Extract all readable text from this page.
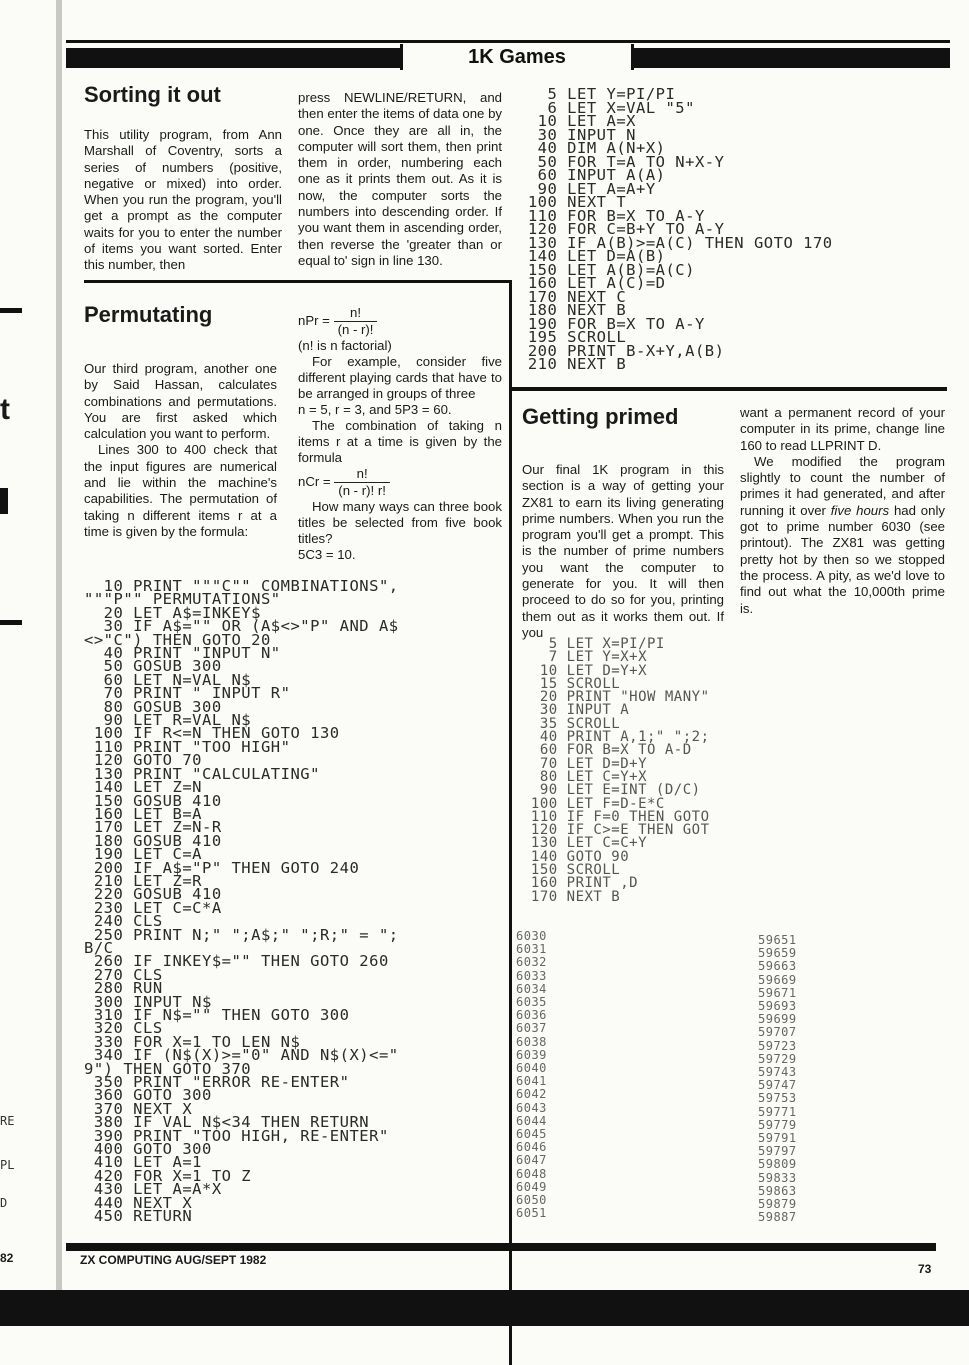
1K Games
Sorting it out

This utility program, from Ann Marshall of Coventry, sorts a series of numbers (positive, negative or mixed) into order. When you run the program, you'll get a prompt as the computer waits for you to enter the number of items you want sorted. Enter this number, then

press NEWLINE/RETURN, and then enter the items of data one by one. Once they are all in, the computer will sort them, then print them in order, numbering each one as it prints them out. As it is now, the computer sorts the numbers into descending order. If you want them in ascending order, then reverse the 'greater than or equal to' sign in line 130.

5 LET Y=PI/PI
6 LET X=VAL "5"
10 LET A=X
30 INPUT N
40 DIM A(N+X)
50 FOR T=A TO N+X-Y
60 INPUT A(A)
90 LET A=A+Y
100 NEXT T
110 FOR B=X TO A-Y
120 FOR C=B+Y TO A-Y
130 IF A(B)>=A(C) THEN GOTO 170
140 LET D=A(B)
150 LET A(B)=A(C)
160 LET A(C)=D
170 NEXT C
180 NEXT B
190 FOR B=X TO A-Y
195 SCROLL
200 PRINT B-X+Y,A(B)
210 NEXT B
Permutating

Our third program, another one by Said Hassan, calculates combinations and permutations. You are first asked which calculation you want to perform.

Lines 300 to 400 check that the input figures are numerical and lie within the machine's capabilities. The permutation of taking n different items r at a time is given by the formula:

nPr = $\frac{n!}{(n - r)!}$
(n! is n factorial)
For example, consider five different playing cards that have to be arranged in groups of three
n = 5, r = 3, and 5P3 = 60.
The combination of taking n items r at a time is given by the formula
nCr = $\frac{n!}{(n - r)! r!}$
How many ways can three book titles be selected from five book titles?
5C3 = 10.
10 PRINT """C"" COMBINATIONS",
"""P"" PERMUTATIONS"
20 LET A$=INKEY$
30 IF A$="" OR (A$<>"P" AND A$
<>"C") THEN GOTO 20
40 PRINT "INPUT N"
50 GOSUB 300
60 LET N=VAL N$
70 PRINT " INPUT R"
80 GOSUB 300
90 LET R=VAL N$
100 IF R<=N THEN GOTO 130
110 PRINT "TOO HIGH"
120 GOTO 70
130 PRINT "CALCULATING"
140 LET Z=N
150 GOSUB 410
160 LET B=A
170 LET Z=N-R
180 GOSUB 410
190 LET C=A
200 IF A$="P" THEN GOTO 240
210 LET Z=R
220 GOSUB 410
230 LET C=C*A
240 CLS
250 PRINT N;" ";A$;" ";R;" = ";
B/C
260 IF INKEY$="" THEN GOTO 260
270 CLS
280 RUN
300 INPUT N$
310 IF N$="" THEN GOTO 300
320 CLS
330 FOR X=1 TO LEN N$
340 IF (N$(X)>="0" AND N$(X)<="
9") THEN GOTO 370
350 PRINT "ERROR RE-ENTER"
360 GOTO 300
370 NEXT X
380 IF VAL N$<34 THEN RETURN
390 PRINT "TOO HIGH, RE-ENTER"
400 GOTO 300
410 LET A=1
420 FOR X=1 TO Z
430 LET A=A*X
440 NEXT X
450 RETURN
Getting primed

Our final 1K program in this section is a way of getting your ZX81 to earn its living generating prime numbers. When you run the program you'll get a prompt. This is the number of prime numbers you want the computer to generate for you. It will then proceed to do so for you, printing them out as it works them out. If you

want a permanent record of your computer in its prime, change line 160 to read LLPRINT D.

We modified the program slightly to count the number of primes it had generated, and after running it over five hours had only got to prime number 6030 (see printout). The ZX81 was getting pretty hot by then so we stopped the process. A pity, as we'd love to find out what the 10,000th prime is.

5 LET X=PI/PI
7 LET Y=X+X
10 LET D=Y+X
15 SCROLL
20 PRINT "HOW MANY"
30 INPUT A
35 SCROLL
40 PRINT A,1;" ";2;
60 FOR B=X TO A-D
70 LET D=D+Y
80 LET C=Y+X
90 LET E=INT (D/C)
100 LET F=D-E*C
110 IF F=0 THEN GOTO
120 IF C>=E THEN GOT
130 LET C=C+Y
140 GOTO 90
150 SCROLL
160 PRINT ,D
170 NEXT B
6030
6031
6032
6033
6034
6035
6036
6037
6038
6039
6040
6041
6042
6043
6044
6045
6046
6047
6048
6049
6050
6051
59651
59659
59663
59669
59671
59693
59699
59707
59723
59729
59743
59747
59753
59771
59779
59791
59797
59809
59833
59863
59879
59887
t
RE
PL
D
82	ZX COMPUTING AUG/SEPT 1982
73
